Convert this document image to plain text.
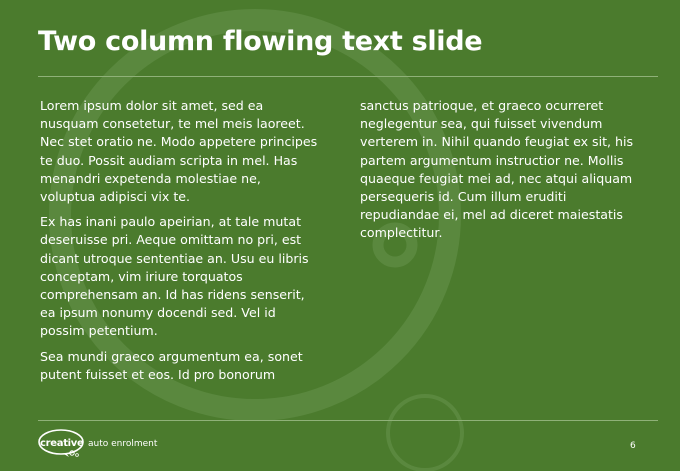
Two column flowing text slide

Lorem ipsum dolor sit amet, sed ea nusquam consetetur, te mel meis laoreet. Nec stet oratio ne. Modo appetere principes te duo. Possit audiam scripta in mel. Has menandri expetenda molestiae ne, voluptua adipisci vix te.

Ex has inani paulo apeirian, at tale mutat deseruisse pri. Aeque omittam no pri, est dicant utroque sententiae an. Usu eu libris conceptam, vim iriure torquatos comprehensam an. Id has ridens senserit, ea ipsum nonumy docendi sed. Vel id possim petentium.

Sea mundi graeco argumentum ea, sonet putent fuisset et eos. Id pro bonorum sanctus patrioque, et graeco ocurreret neglegentur sea, qui fuisset vivendum verterem in. Nihil quando feugiat ex sit, his partem argumentum instructior ne. Mollis quaeque feugiat mei ad, nec atqui aliquam persequeris id. Cum illum eruditi repudiandae ei, mel ad diceret maiestatis complectitur.

creative auto enrolment	6
